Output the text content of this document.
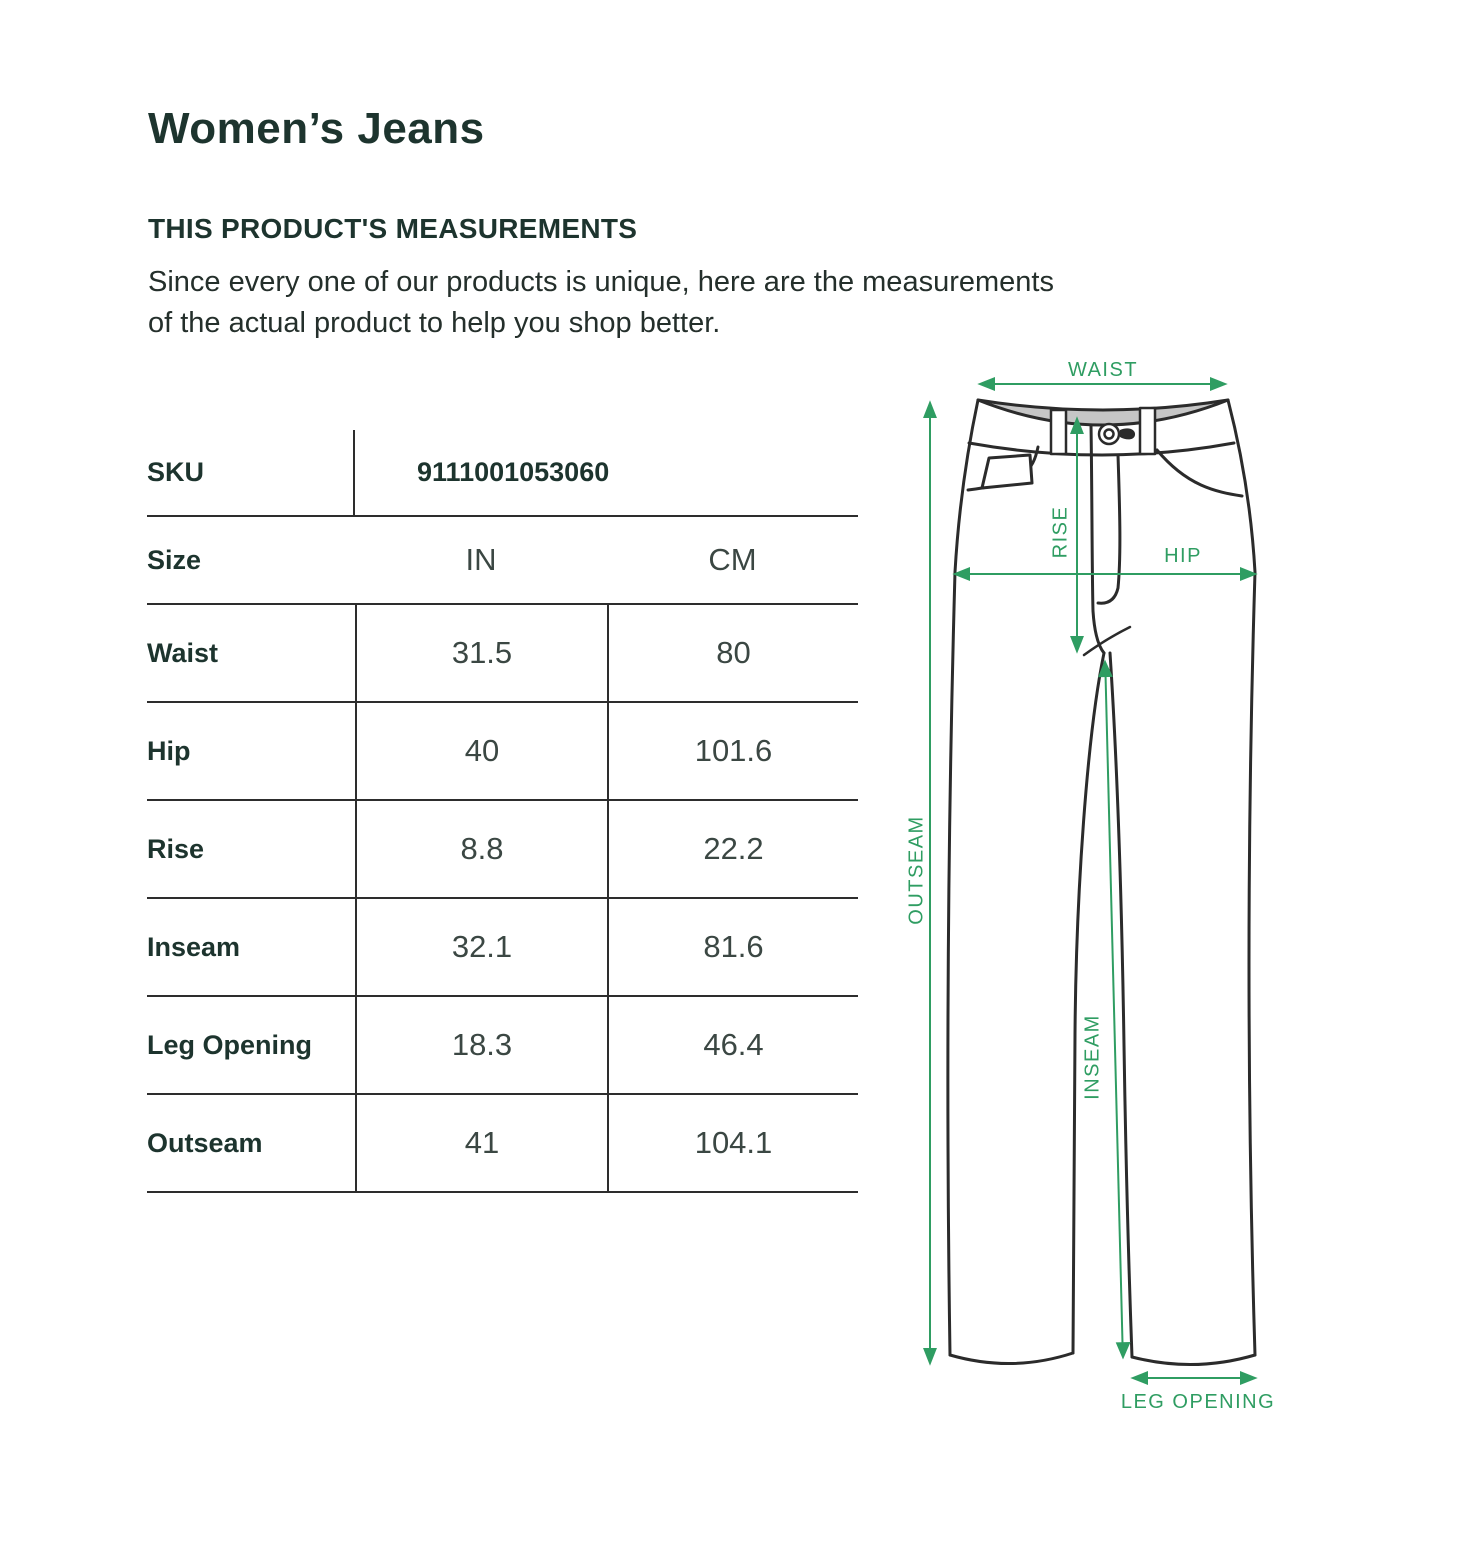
Women’s Jeans
THIS PRODUCT'S MEASUREMENTS
Since every one of our products is unique, here are the measurements
of the actual product to help you shop better.
SKU	9111001053060
Size	IN	CM
Waist	31.5	80
Hip	40	101.6
Rise	8.8	22.2
Inseam	32.1	81.6
Leg Opening	18.3	46.4
Outseam	41	104.1
WAIST
RISE	HIP
OUTSEAM
INSEAM
LEG OPENING
